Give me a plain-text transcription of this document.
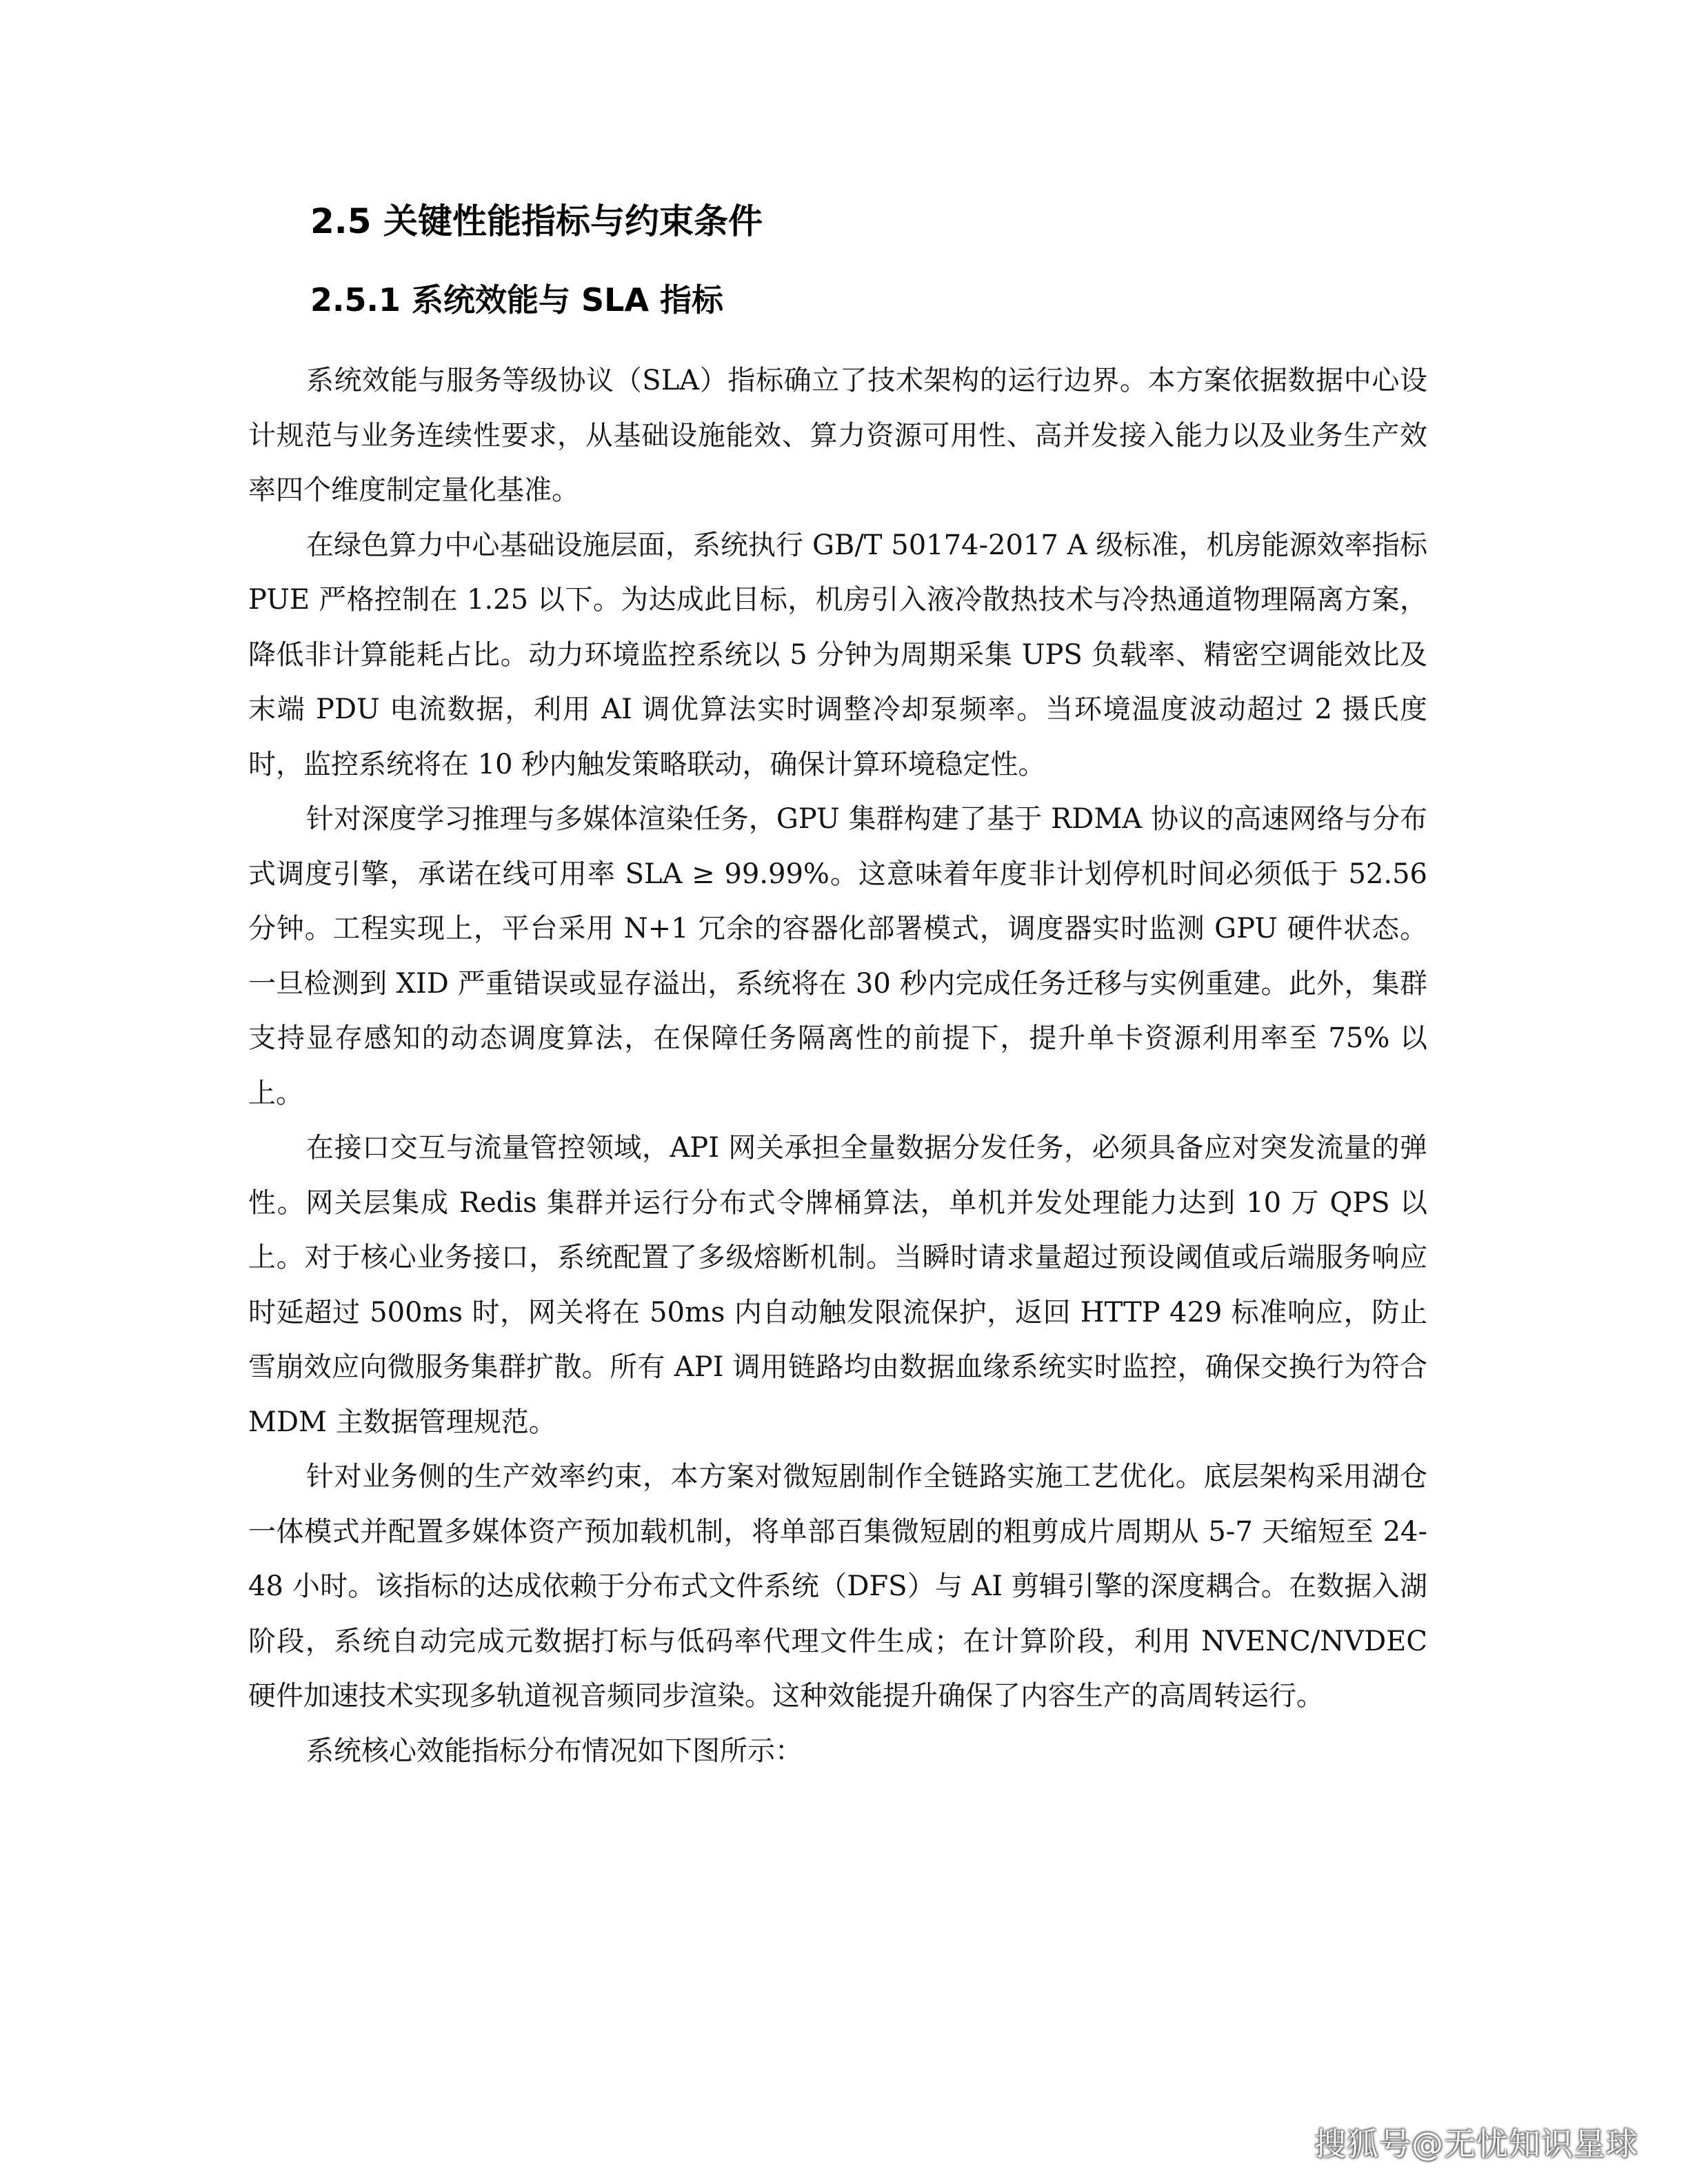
2.5 关键性能指标与约束条件
2.5.1 系统效能与 SLA 指标

系统效能与服务等级协议（SLA）指标确立了技术架构的运行边界。本方案依据数据中心设计规范与业务连续性要求，从基础设施能效、算力资源可用性、高并发接入能力以及业务生产效率四个维度制定量化基准。

在绿色算力中心基础设施层面，系统执行 GB/T 50174-2017 A 级标准，机房能源效率指标 PUE 严格控制在 1.25 以下。为达成此目标，机房引入液冷散热技术与冷热通道物理隔离方案，降低非计算能耗占比。动力环境监控系统以 5 分钟为周期采集 UPS 负载率、精密空调能效比及末端 PDU 电流数据，利用 AI 调优算法实时调整冷却泵频率。当环境温度波动超过 2 摄氏度时，监控系统将在 10 秒内触发策略联动，确保计算环境稳定性。

针对深度学习推理与多媒体渲染任务，GPU 集群构建了基于 RDMA 协议的高速网络与分布式调度引擎，承诺在线可用率 SLA ≥ 99.99%。这意味着年度非计划停机时间必须低于 52.56 分钟。工程实现上，平台采用 N+1 冗余的容器化部署模式，调度器实时监测 GPU 硬件状态。一旦检测到 XID 严重错误或显存溢出，系统将在 30 秒内完成任务迁移与实例重建。此外，集群支持显存感知的动态调度算法，在保障任务隔离性的前提下，提升单卡资源利用率至 75% 以上。

在接口交互与流量管控领域，API 网关承担全量数据分发任务，必须具备应对突发流量的弹性。网关层集成 Redis 集群并运行分布式令牌桶算法，单机并发处理能力达到 10 万 QPS 以上。对于核心业务接口，系统配置了多级熔断机制。当瞬时请求量超过预设阈值或后端服务响应时延超过 500ms 时，网关将在 50ms 内自动触发限流保护，返回 HTTP 429 标准响应，防止雪崩效应向微服务集群扩散。所有 API 调用链路均由数据血缘系统实时监控，确保交换行为符合 MDM 主数据管理规范。

针对业务侧的生产效率约束，本方案对微短剧制作全链路实施工艺优化。底层架构采用湖仓一体模式并配置多媒体资产预加载机制，将单部百集微短剧的粗剪成片周期从 5-7 天缩短至 24-48 小时。该指标的达成依赖于分布式文件系统（DFS）与 AI 剪辑引擎的深度耦合。在数据入湖阶段，系统自动完成元数据打标与低码率代理文件生成；在计算阶段，利用 NVENC/NVDEC 硬件加速技术实现多轨道视音频同步渲染。这种效能提升确保了内容生产的高周转运行。

系统核心效能指标分布情况如下图所示：

搜狐号@无忧知识星球
